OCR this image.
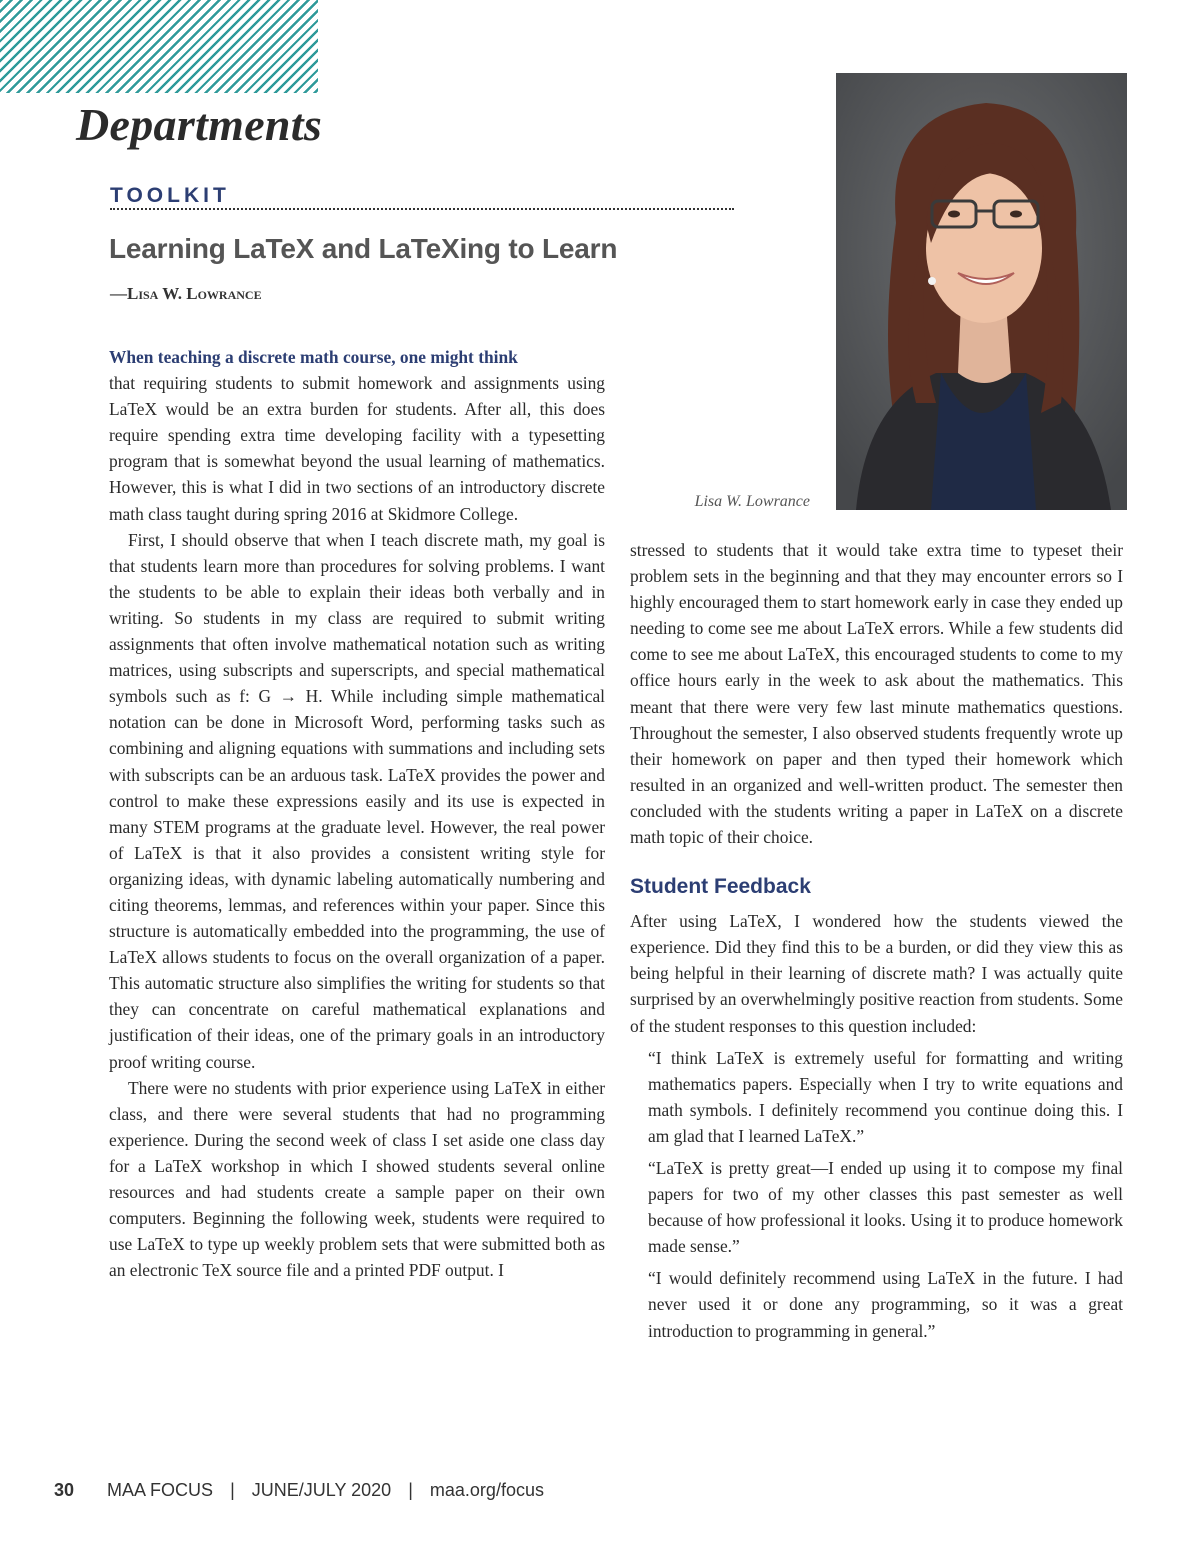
Departments
TOOLKIT
Learning LaTeX and LaTeXing to Learn
—Lisa W. Lowrance
Lisa W. Lowrance

When teaching a discrete math course, one might think
that requiring students to submit homework and assignments using LaTeX would be an extra burden for students. After all, this does require spending extra time developing facility with a typesetting program that is somewhat beyond the usual learning of mathematics. However, this is what I did in two sections of an introductory discrete math class taught during spring 2016 at Skidmore College.

First, I should observe that when I teach discrete math, my goal is that students learn more than procedures for solving problems. I want the students to be able to explain their ideas both verbally and in writing. So students in my class are required to submit writing assignments that often involve mathematical notation such as writing matrices, using subscripts and superscripts, and special mathematical symbols such as f: G → H. While including simple mathematical notation can be done in Microsoft Word, performing tasks such as combining and aligning equations with summations and including sets with subscripts can be an arduous task. LaTeX provides the power and control to make these expressions easily and its use is expected in many STEM programs at the graduate level. However, the real power of LaTeX is that it also provides a consistent writing style for organizing ideas, with dynamic labeling automatically numbering and citing theorems, lemmas, and references within your paper. Since this structure is automatically embedded into the programming, the use of LaTeX allows students to focus on the overall organization of a paper. This automatic structure also simplifies the writing for students so that they can concentrate on careful mathematical explanations and justification of their ideas, one of the primary goals in an introductory proof writing course.

There were no students with prior experience using LaTeX in either class, and there were several students that had no programming experience. During the second week of class I set aside one class day for a LaTeX workshop in which I showed students several online resources and had students create a sample paper on their own computers. Beginning the following week, students were required to use LaTeX to type up weekly problem sets that were submitted both as an electronic TeX source file and a printed PDF output. I

stressed to students that it would take extra time to typeset their problem sets in the beginning and that they may encounter errors so I highly encouraged them to start homework early in case they ended up needing to come see me about LaTeX errors. While a few students did come to see me about LaTeX, this encouraged students to come to my office hours early in the week to ask about the mathematics. This meant that there were very few last minute mathematics questions. Throughout the semester, I also observed students frequently wrote up their homework on paper and then typed their homework which resulted in an organized and well-written product. The semester then concluded with the students writing a paper in LaTeX on a discrete math topic of their choice.

Student Feedback

After using LaTeX, I wondered how the students viewed the experience. Did they find this to be a burden, or did they view this as being helpful in their learning of discrete math? I was actually quite surprised by an overwhelmingly positive reaction from students. Some of the student responses to this question included:

“I think LaTeX is extremely useful for formatting and writing mathematics papers. Especially when I try to write equations and math symbols. I definitely recommend you continue doing this. I am glad that I learned LaTeX.”

“LaTeX is pretty great—I ended up using it to compose my final papers for two of my other classes this past semester as well because of how professional it looks. Using it to produce homework made sense.”

“I would definitely recommend using LaTeX in the future. I had never used it or done any programming, so it was a great introduction to programming in general.”

30 MAA FOCUS | JUNE/JULY 2020 | maa.org/focus
